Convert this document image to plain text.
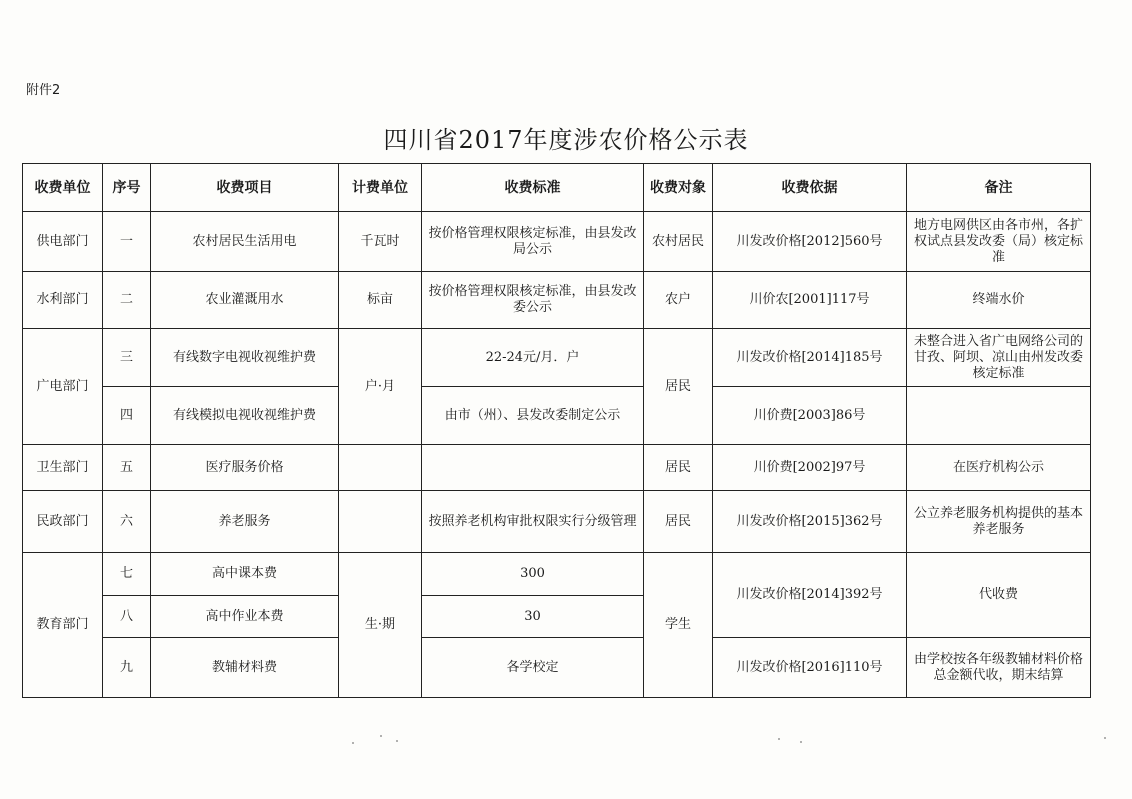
附件2
四川省2017年度涉农价格公示表
收费单位	序号	收费项目	计费单位	收费标准	收费对象	收费依据	备注
供电部门	一	农村居民生活用电	千瓦时	按价格管理权限核定标准，由县发改局公示	农村居民	川发改价格[2012]560号	地方电网供区由各市州，各扩权试点县发改委（局）核定标准
水利部门	二	农业灌溉用水	标亩	按价格管理权限核定标准，由县发改委公示	农户	川价农[2001]117号	终端水价
广电部门	三	有线数字电视收视维护费	户·月	22-24元/月．户	居民	川发改价格[2014]185号	未整合进入省广电网络公司的甘孜、阿坝、凉山由州发改委核定标准
	四	有线模拟电视收视维护费		由市（州）、县发改委制定公示		川价费[2003]86号	
卫生部门	五	医疗服务价格			居民	川价费[2002]97号	在医疗机构公示
民政部门	六	养老服务		按照养老机构审批权限实行分级管理	居民	川发改价格[2015]362号	公立养老服务机构提供的基本养老服务
教育部门	七	高中课本费	生·期	300	学生	川发改价格[2014]392号	代收费
	八	高中作业本费		30			
	九	教辅材料费		各学校定		川发改价格[2016]110号	由学校按各年级教辅材料价格总金额代收，期末结算
